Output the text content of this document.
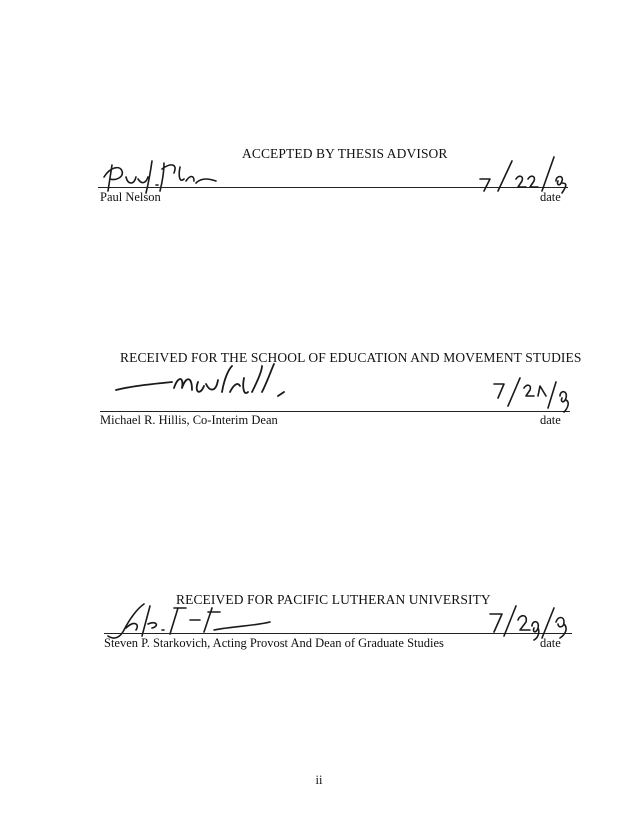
ACCEPTED BY THESIS ADVISOR
Paul Nelson	date
RECEIVED FOR THE SCHOOL OF EDUCATION AND MOVEMENT STUDIES
Michael R. Hillis, Co-Interim Dean	date
RECEIVED FOR PACIFIC LUTHERAN UNIVERSITY
Steven P. Starkovich, Acting Provost And Dean of Graduate Studies	date
ii
